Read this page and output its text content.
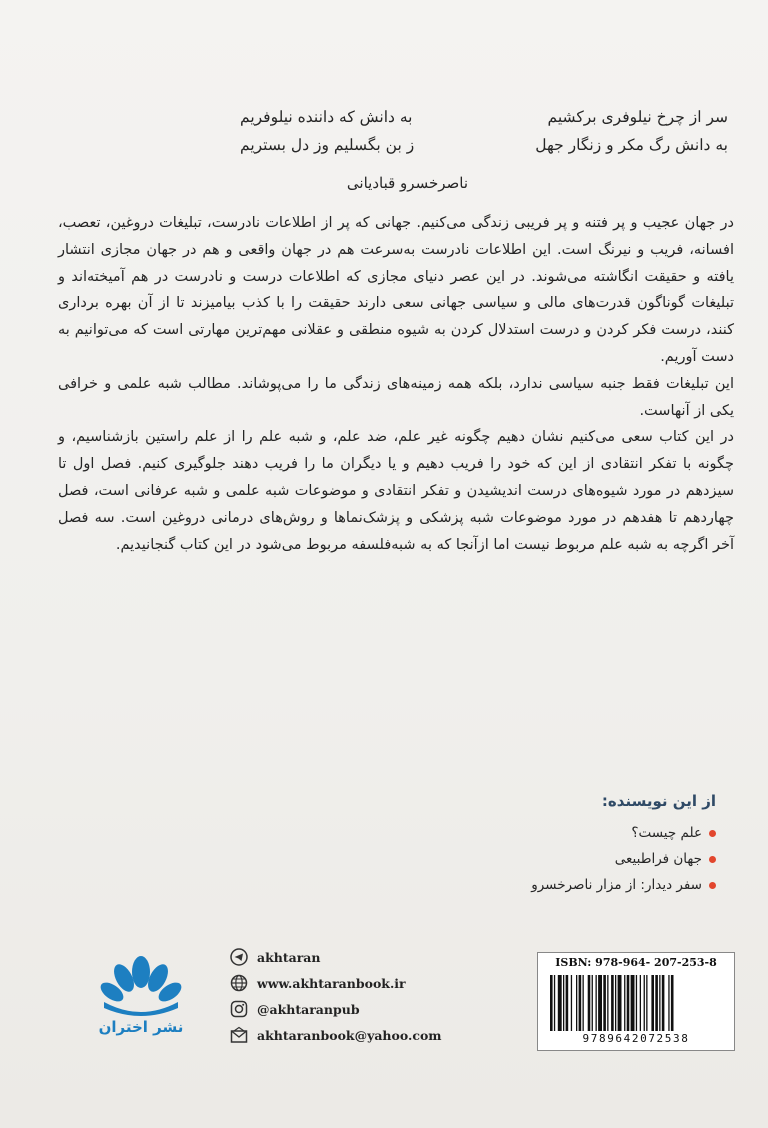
سر از چرخ نیلوفری برکشیم
به دانش که داننده نیلوفریم
به دانش رگ مکر و زنگار جهل
ز بن بگسلیم وز دل بستریم
ناصرخسرو قبادیانی

در جهان عجیب و پر فتنه و پر فریبی زندگی می‌کنیم. جهانی که پر از اطلاعات نادرست، تبلیغات دروغین، تعصب، افسانه، فریب و نیرنگ است. این اطلاعات نادرست به‌سرعت هم در جهان واقعی و هم در جهان مجازی انتشار یافته و حقیقت انگاشته می‌شوند. در این عصر دنیای مجازی که اطلاعات درست و نادرست در هم آمیخته‌اند و تبلیغات گوناگون قدرت‌های مالی و سیاسی جهانی سعی دارند حقیقت را با کذب بیامیزند تا از آن بهره برداری کنند، درست فکر کردن و درست استدلال کردن به شیوه منطقی و عقلانی مهم‌ترین مهارتی است که می‌توانیم به دست آوریم.

این تبلیغات فقط جنبه سیاسی ندارد، بلکه همه زمینه‌های زندگی ما را می‌پوشاند. مطالب شبه علمی و خرافی یکی از آنهاست.

در این کتاب سعی می‌کنیم نشان دهیم چگونه غیر علم، ضد علم، و شبه علم را از علم راستین بازشناسیم، و چگونه با تفکر انتقادی از این که خود را فریب دهیم و یا دیگران ما را فریب دهند جلوگیری کنیم. فصل اول تا سیزدهم در مورد شیوه‌های درست اندیشیدن و تفکر انتقادی و موضوعات شبه علمی و شبه عرفانی است، فصل چهاردهم تا هفدهم در مورد موضوعات شبه پزشکی و پزشک‌نماها و روش‌های درمانی دروغین است. سه فصل آخر اگرچه به شبه علم مربوط نیست اما ازآنجا که به شبه‌فلسفه مربوط می‌شود در این کتاب گنجانیدیم.

از این نویسنده:
علم چیست؟
جهان فراطبیعی
سفر دیدار: از مزار ناصرخسرو
نشر اختران
akhtaran
www.akhtaranbook.ir
@akhtaranpub
akhtaranbook@yahoo.com
ISBN: 978-964- 207-253-8
9789642072538
